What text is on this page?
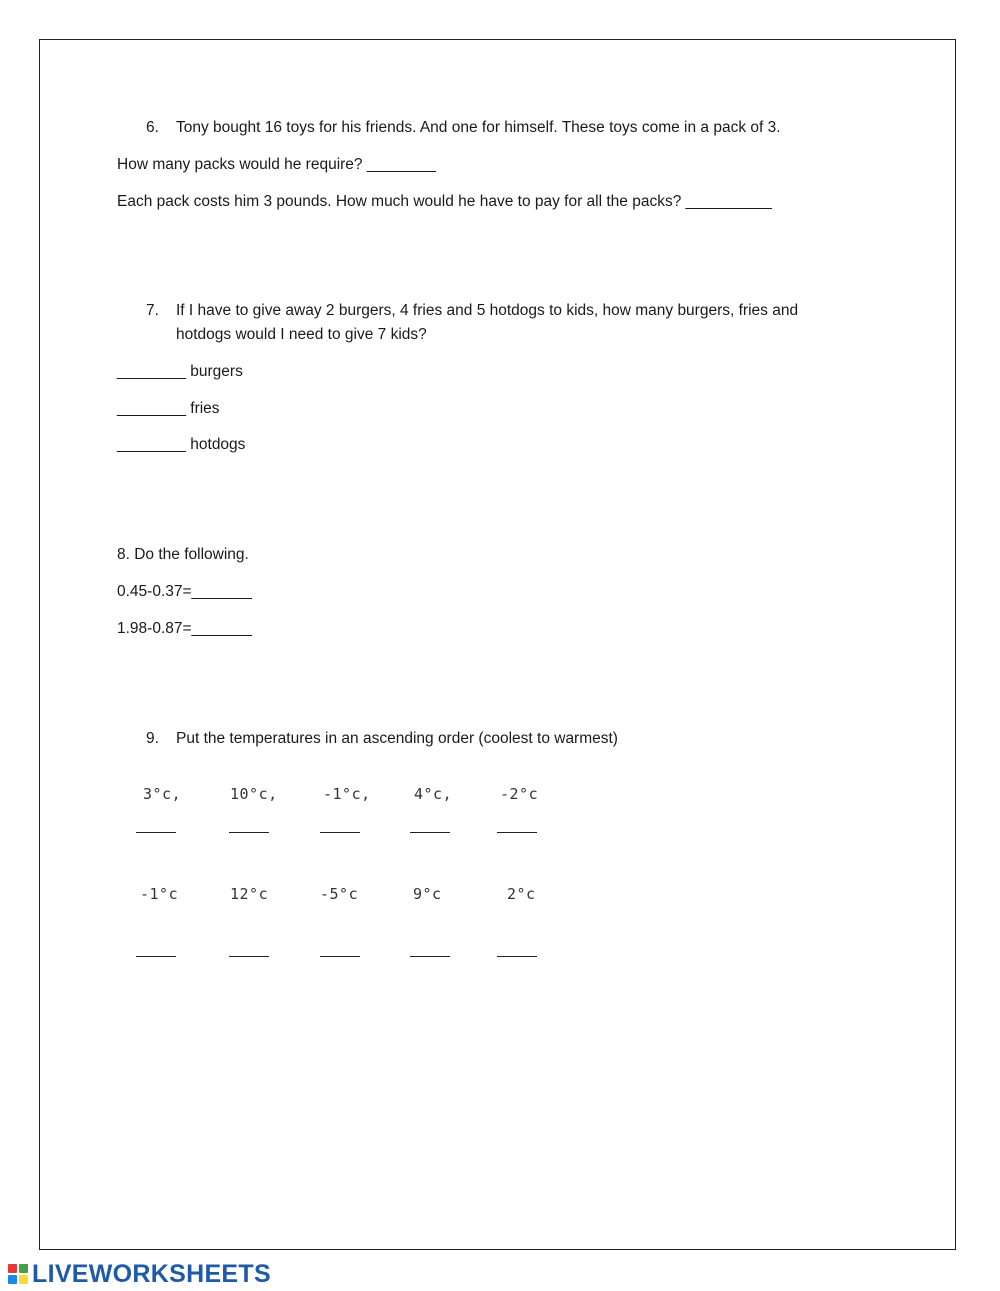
6. Tony bought 16 toys for his friends. And one for himself. These toys come in a pack of 3.
How many packs would he require? ________
Each pack costs him 3 pounds. How much would he have to pay for all the packs? __________
7. If I have to give away 2 burgers, 4 fries and 5 hotdogs to kids, how many burgers, fries and
hotdogs would I need to give 7 kids?
________ burgers
________ fries
________ hotdogs
8. Do the following.
0.45-0.37=_______
1.98-0.87=_______
9. Put the temperatures in an ascending order (coolest to warmest)
3°c,	10°c,	-1°c,	4°c,	-2°c
-1°c	12°c	-5°c	9°c	2°c
LIVEWORKSHEETS
